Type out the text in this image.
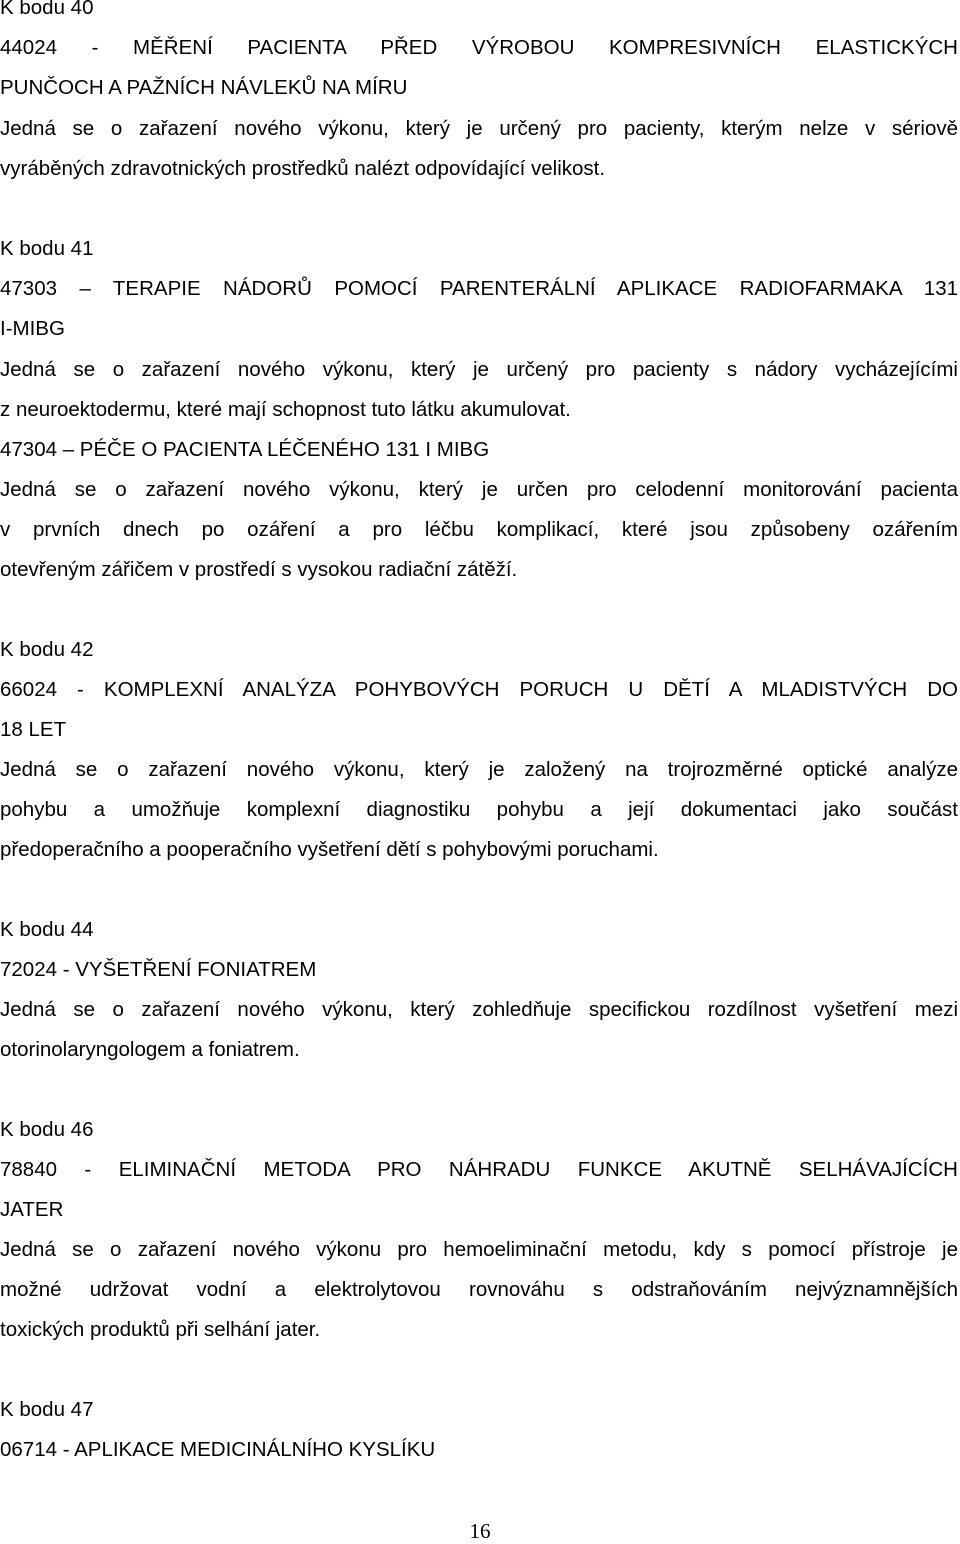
K bodu 40
44024 - MĚŘENÍ PACIENTA PŘED VÝROBOU KOMPRESIVNÍCH ELASTICKÝCH
PUNČOCH A PAŽNÍCH NÁVLEKŮ NA MÍRU
Jedná se o zařazení nového výkonu, který je určený pro pacienty, kterým nelze v sériově
vyráběných zdravotnických prostředků nalézt odpovídající velikost.
K bodu 41
47303 – TERAPIE NÁDORŮ POMOCÍ PARENTERÁLNÍ APLIKACE RADIOFARMAKA 131
I-MIBG
Jedná se o zařazení nového výkonu, který je určený pro pacienty s nádory vycházejícími
z neuroektodermu, které mají schopnost tuto látku akumulovat.
47304 – PÉČE O PACIENTA LÉČENÉHO 131 I MIBG
Jedná se o zařazení nového výkonu, který je určen pro celodenní monitorování pacienta
v prvních dnech po ozáření a pro léčbu komplikací, které jsou způsobeny ozářením
otevřeným zářičem v prostředí s vysokou radiační zátěží.
K bodu 42
66024 - KOMPLEXNÍ ANALÝZA POHYBOVÝCH PORUCH U DĚTÍ A MLADISTVÝCH DO
18 LET
Jedná se o zařazení nového výkonu, který je založený na trojrozměrné optické analýze
pohybu a umožňuje komplexní diagnostiku pohybu a její dokumentaci jako součást
předoperačního a pooperačního vyšetření dětí s pohybovými poruchami.
K bodu 44
72024 - VYŠETŘENÍ FONIATREM
Jedná se o zařazení nového výkonu, který zohledňuje specifickou rozdílnost vyšetření mezi
otorinolaryngologem a foniatrem.
K bodu 46
78840 - ELIMINAČNÍ METODA PRO NÁHRADU FUNKCE AKUTNĚ SELHÁVAJÍCÍCH
JATER
Jedná se o zařazení nového výkonu pro hemoeliminační metodu, kdy s pomocí přístroje je
možné udržovat vodní a elektrolytovou rovnováhu s odstraňováním nejvýznamnějších
toxických produktů při selhání jater.
K bodu 47
06714 - APLIKACE MEDICINÁLNÍHO KYSLÍKU
16
